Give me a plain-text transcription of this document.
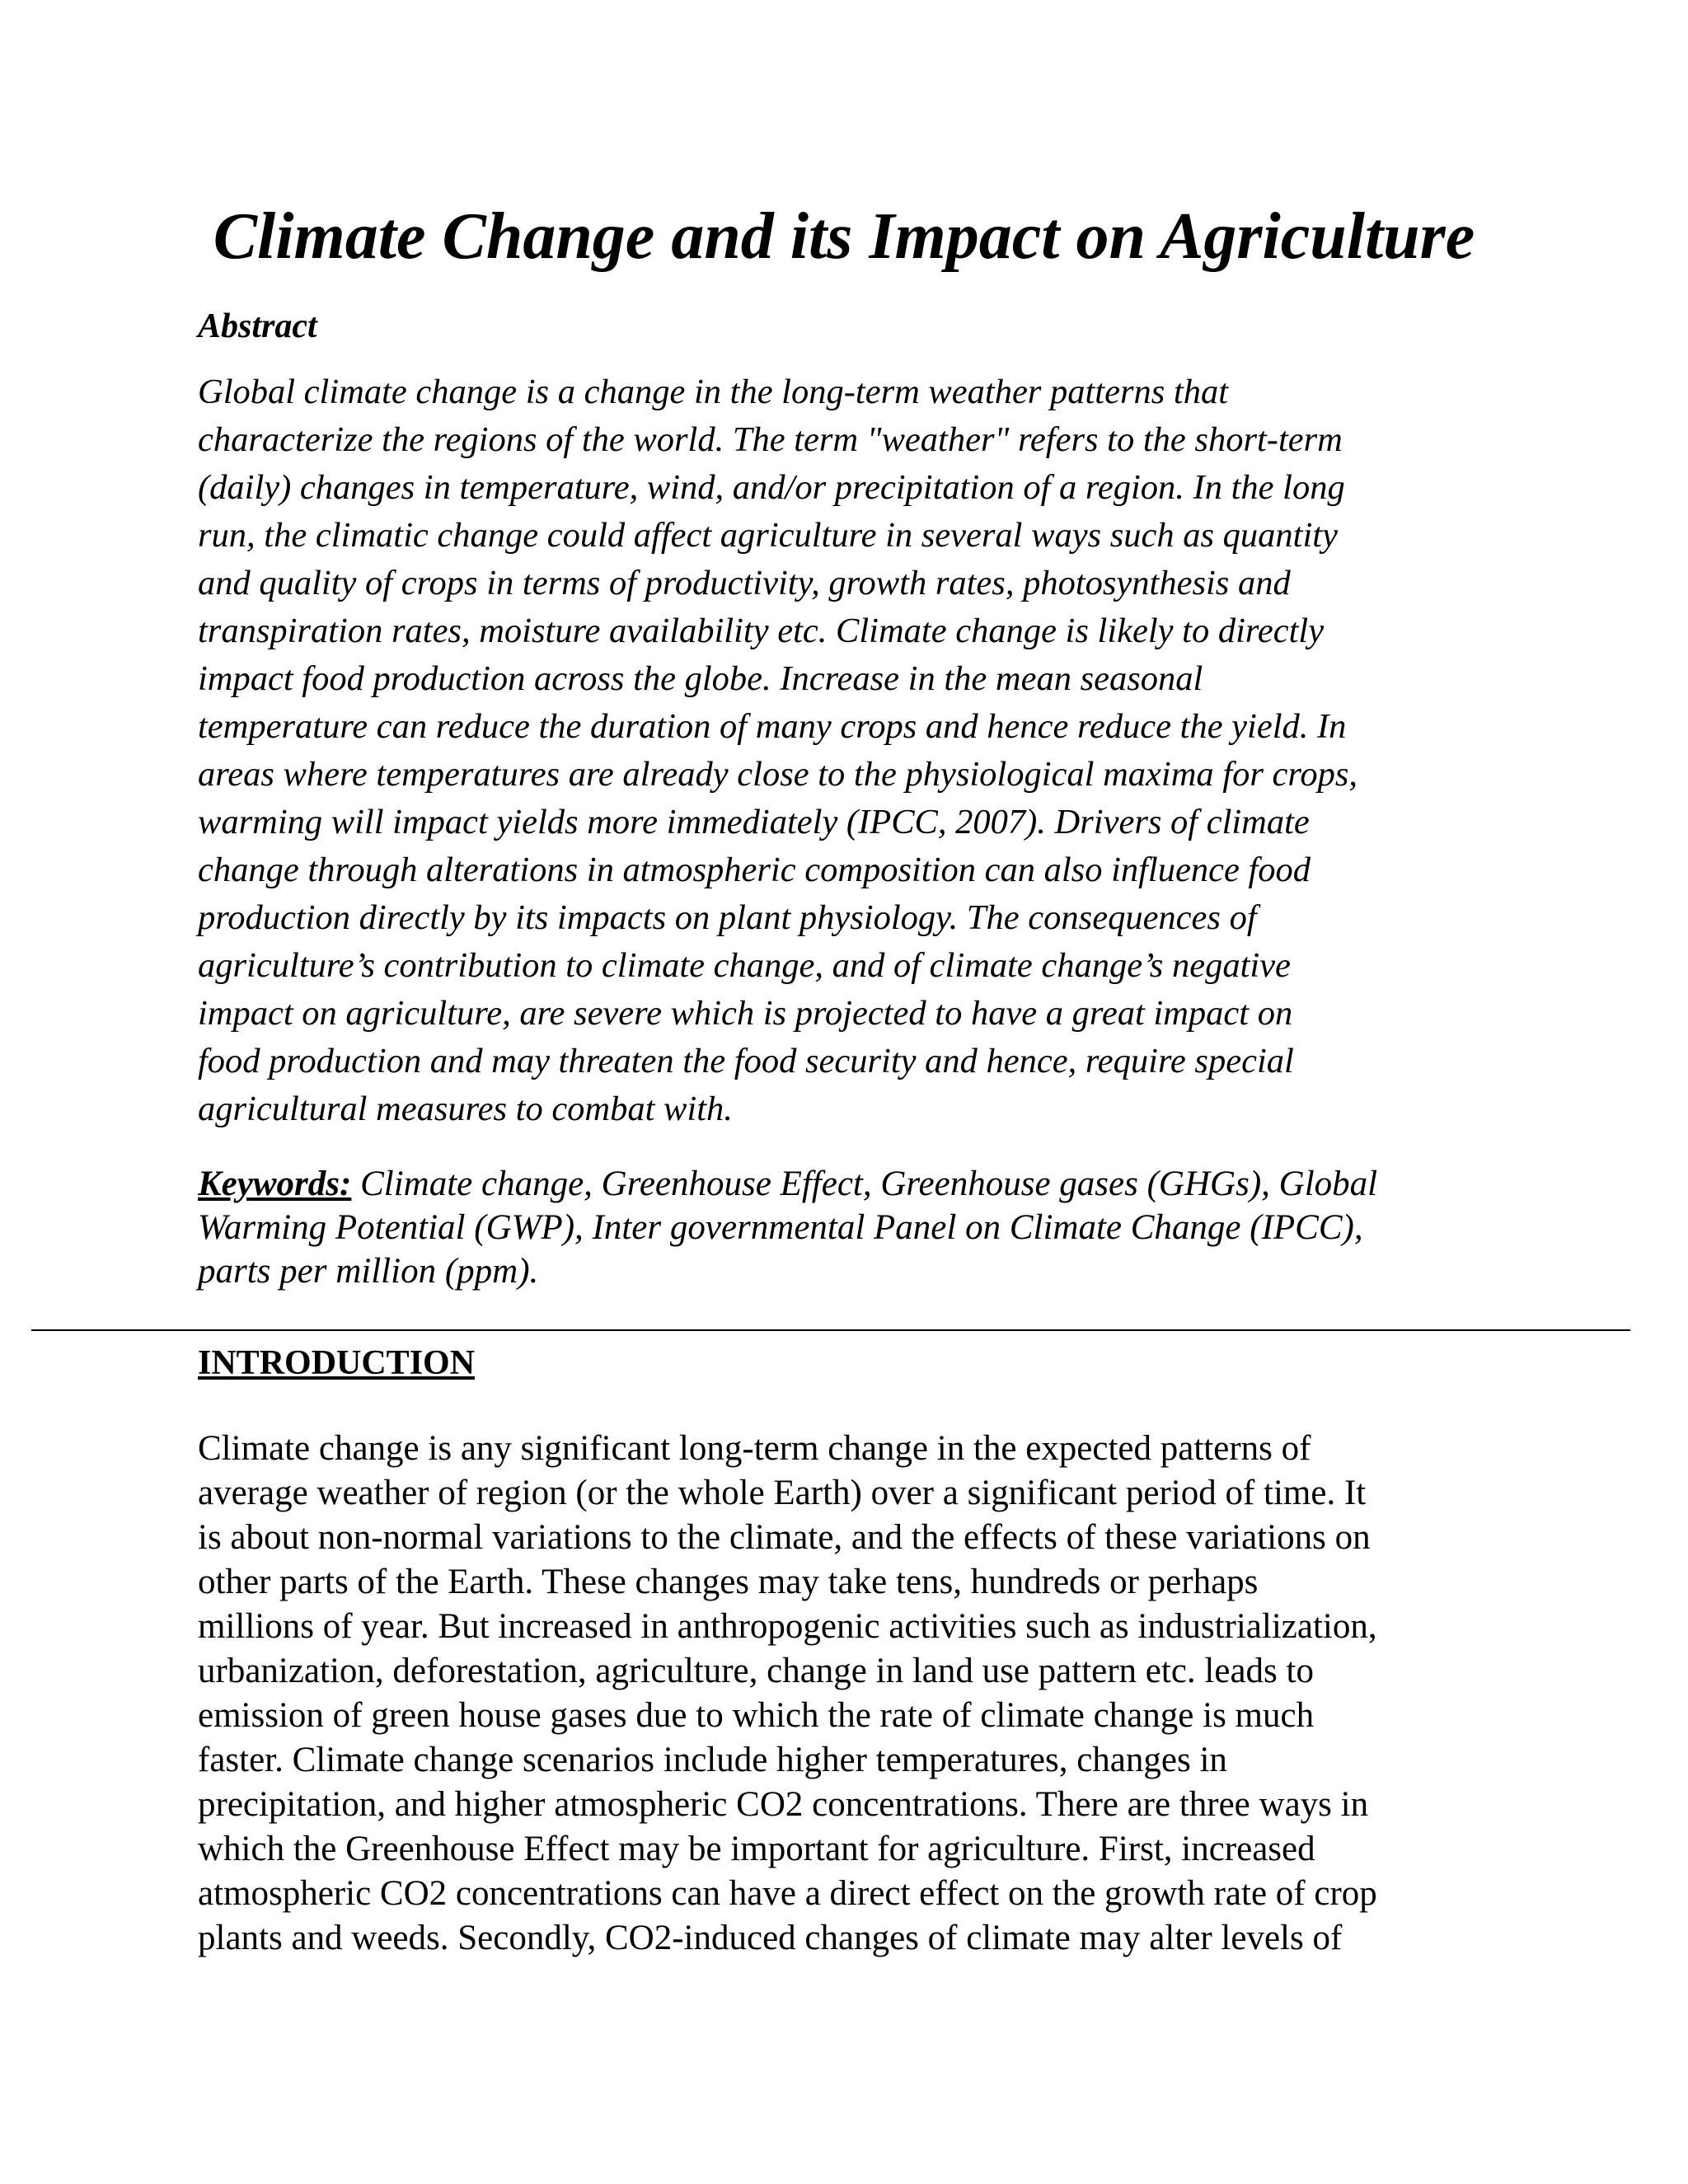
Climate Change and its Impact on Agriculture
Abstract

Global climate change is a change in the long-term weather patterns that
characterize the regions of the world. The term "weather" refers to the short-term
(daily) changes in temperature, wind, and/or precipitation of a region. In the long
run, the climatic change could affect agriculture in several ways such as quantity
and quality of crops in terms of productivity, growth rates, photosynthesis and
transpiration rates, moisture availability etc. Climate change is likely to directly
impact food production across the globe. Increase in the mean seasonal
temperature can reduce the duration of many crops and hence reduce the yield. In
areas where temperatures are already close to the physiological maxima for crops,
warming will impact yields more immediately (IPCC, 2007). Drivers of climate
change through alterations in atmospheric composition can also influence food
production directly by its impacts on plant physiology. The consequences of
agriculture’s contribution to climate change, and of climate change’s negative
impact on agriculture, are severe which is projected to have a great impact on
food production and may threaten the food security and hence, require special
agricultural measures to combat with.

Keywords: Climate change, Greenhouse Effect, Greenhouse gases (GHGs), Global
Warming Potential (GWP), Inter governmental Panel on Climate Change (IPCC),
parts per million (ppm).

INTRODUCTION

Climate change is any significant long-term change in the expected patterns of
average weather of region (or the whole Earth) over a significant period of time. It
is about non-normal variations to the climate, and the effects of these variations on
other parts of the Earth. These changes may take tens, hundreds or perhaps
millions of year. But increased in anthropogenic activities such as industrialization,
urbanization, deforestation, agriculture, change in land use pattern etc. leads to
emission of green house gases due to which the rate of climate change is much
faster. Climate change scenarios include higher temperatures, changes in
precipitation, and higher atmospheric CO2 concentrations. There are three ways in
which the Greenhouse Effect may be important for agriculture. First, increased
atmospheric CO2 concentrations can have a direct effect on the growth rate of crop
plants and weeds. Secondly, CO2-induced changes of climate may alter levels of
